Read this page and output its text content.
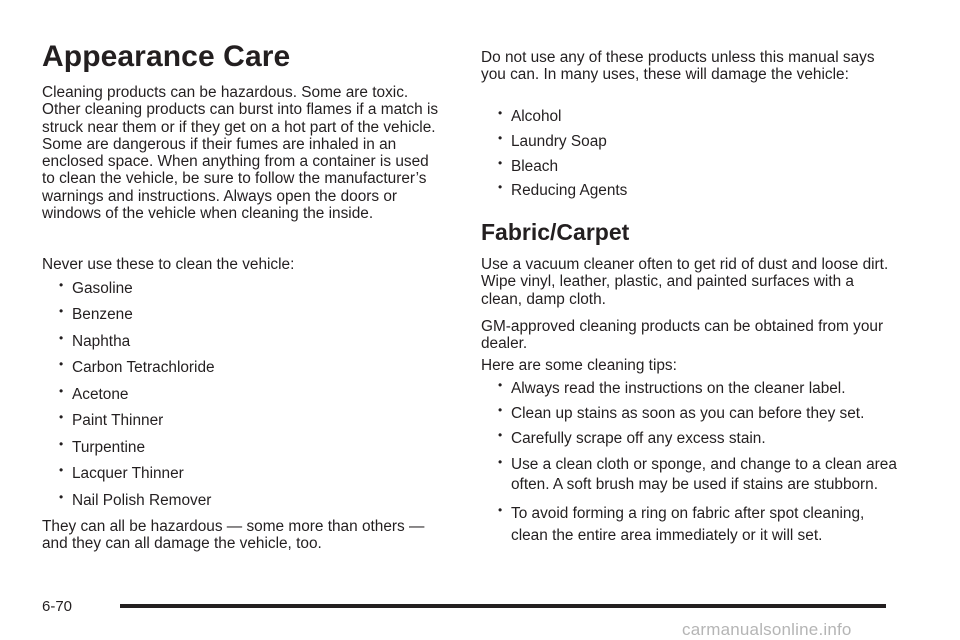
Appearance Care

Cleaning products can be hazardous. Some are toxic. Other cleaning products can burst into flames if a match is struck near them or if they get on a hot part of the vehicle. Some are dangerous if their fumes are inhaled in an enclosed space. When anything from a container is used to clean the vehicle, be sure to follow the manufacturer’s warnings and instructions. Always open the doors or windows of the vehicle when cleaning the inside.

Never use these to clean the vehicle:

• Gasoline
• Benzene
• Naphtha
• Carbon Tetrachloride
• Acetone
• Paint Thinner
• Turpentine
• Lacquer Thinner
• Nail Polish Remover

They can all be hazardous — some more than others — and they can all damage the vehicle, too.

Do not use any of these products unless this manual says you can. In many uses, these will damage the vehicle:

• Alcohol
• Laundry Soap
• Bleach
• Reducing Agents
Fabric/Carpet

Use a vacuum cleaner often to get rid of dust and loose dirt. Wipe vinyl, leather, plastic, and painted surfaces with a clean, damp cloth.

GM-approved cleaning products can be obtained from your dealer.

Here are some cleaning tips:

• Always read the instructions on the cleaner label.
• Clean up stains as soon as you can before they set.
• Carefully scrape off any excess stain.
• Use a clean cloth or sponge, and change to a clean area often. A soft brush may be used if stains are stubborn.
• To avoid forming a ring on fabric after spot cleaning, clean the entire area immediately or it will set.
6-70
carmanualsonline.info
